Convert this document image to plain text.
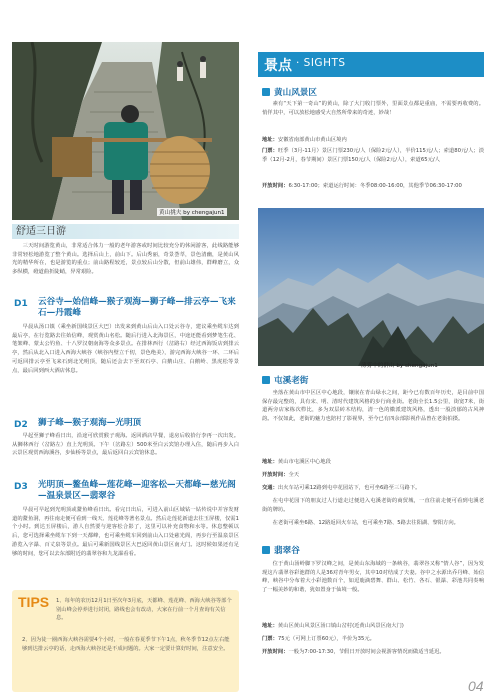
黄山挑夫 by chengajun1
舒适三日游
三天时间游览黄山，非常适合体力一般的老年游客或时间比较充分的休闲游客，此线路能够非常轻松地游览了整个黄山。选择后山上，前山下。后山秀丽，奇景荟萃，景色清幽，是黄山风光的精华所在，也是游览的重点；前山路程较近，景点较后山分散，但前山雄伟，群峰磨立，众多纵横，磴道曲折陡峭，异常艰险。
D1 云谷寺—始信峰—猴子观海—狮子峰—排云亭—飞来石—丹霞峰
早晨从汤口镇（乘坐新国线景区大巴）出发来到黄山后山入口处云谷寺，建议乘坐缆车达到最后亭，在行览路去往始信峰，观赏黄山名松。随后行进入北海景区，中途还能看到梦笔生花、笔架峰、蒙太公钓鱼、十八罗汉朝南海等众多景点。在排林西行（岔路右）经过西海饭店到排云亭，然后从北入口进入西海大峡谷（峡谷内壁立千仞，景色绝美），游完西海大峡谷一环、二环后可返回排云亭至飞来石到北光明顶，随后还会去下至双石亭、白鹅山庄、白鹅岭、黑虎松等景点，最后回到西大酒店休息。
D2 狮子峰—猴子观海—光明顶
早起至狮子峰看日出，沿途可欣赏猴子观海。返回酒店早餐，退房后收拾行李再一次出发。从狮林西行（岔路左）直上光明顶。下午（岔路左）500米至白云宾馆办理入住，随后再步入白云景区观赏西海溪谷，步仙桥等景点，最后返回白云宾馆休息。
D3 光明顶—鳌鱼峰—莲花峰—迎客松—天都峰—慈光阁—温泉景区—翡翠谷
早晨可早起到光明顶或鳌鱼峰看日出。看完日出后，可进入前山区域钻一钻传说中并容发财道的鳌鱼洞，再往南走便可看到一线天、莲花峰等著名景点。然后走莲花新道去往玉屏楼，仅需1个小时。到达玉屏楼后，游人自然要与迎客松合影了，这里可以补充食物和水等。休息整顿以后，您可选择乘坐缆车下到一天都峰，也可乘坐缆车回到前山入口处慈光阁，再步行至温泉景区游览入字瀑、百丈泉等景点。最后可乘新国线景区大巴返回黄山景区南大门。这时候如果还有足够的时间，您可以去东部附近的翡翠谷和九龙瀑看看。
TIPS 1、每年的农历12月1日至次年3月底，天都峰、莲花峰、西海大峡谷等部个别山峰会停养进行封闭，路线也会有改动，大家在行前一个月查询有关信息。
2、因为徒一圈西海大峡谷需要4个小时，一般在春夏季节下午1点，秋冬季节12点左右能够到达排云亭的话，走西海大峡谷还是不成问题的。大家一定要计算好时间，注意安全。
景点 · SIGHTS
黄山风景区
素有“天下第一奇山”的黄山，除了大门收门票外，里面景点都是重庙，不需要再收费的。悄佯其中，可以放松地感受大自然所带来的奇迹，妙哉！
地址：安徽省南部黄山市黄山区境内
门票：旺季（3月-11月）景区门票230元/人（保险2元/人），半价115元/人；索道80元/人；淡季（12月-2月，春节期间）景区门票150元/人（保险2元/人），索道65元/人
开放时间：6:30-17:00；索道运行时间：冬季08:00-16:00，其他季节06:30-17:00
薄雾中的群山 by chengajun1
屯溪老街
坐落在黄山市中区区中心地段，镶嵌在青山绿水之间，距今已有数百年历史，是目前中国保存最完整的，具有宋、明、清时代建筑风格的步行商业街。老街全长1.5公里，街宽7米，街道两旁店家栋次栉比，多为双层砖木结构，清一色的徽派建筑风格，透出一股淡郁的古风神韵。不仅如此，老街的魅力也陪衬了影视界，至今已有四余部影视作品曾在老街拍摄。
地址：黄山市屯溪区中心地段
开放时间：全天
交通：出火车站可乘12路到屯中花园站下，也可坐6路至三马路下。
在屯中花园下的朋友过人行道走过便进入屯溪老街的商贸城，一直往前走便可看到屯溪老街的牌坊。
在老街可乘坐6路、12路返回火车站，也可乘坐7路、5路去往阳湖、黎阳方向。
翡翠谷
位于黄山汤岭脚下罗汉峰之间，是黄山东海域的一条峡谷，翡翠谷又称“情人谷”，因为发现这片翡翠谷彩池群的人是36对青年男女，其中10对结成了夫妻。谷中之水源出乔丹峰、始信峰，峡谷中分布着大小彩池数百个，如逗鹿滴碧舞、群山、松竹、各石、银瀑、彩池共同奏响了一幅美妙的和谐，犹如置身于仙境一般。
地址：黄山区黄山风景区汤口镇山岔村(近黄山风景区南大门)
门票：75元（可网上订票60元），半价为35元。
开放时间：一般为7:00-17:30，节假日开放时间会视游客情况而做适当延迟。
04
